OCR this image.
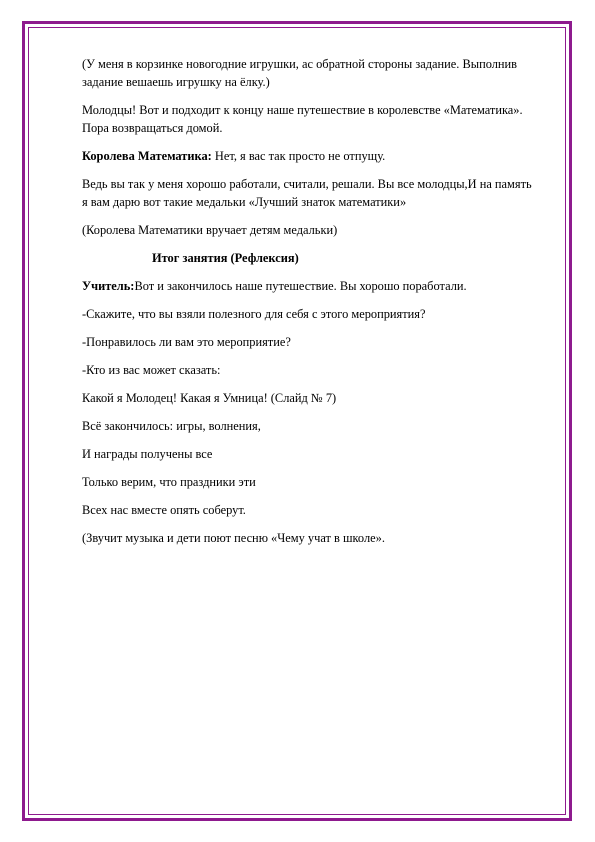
(У меня в корзинке новогодние игрушки, ас обратной стороны задание. Выполнив задание вешаешь игрушку на ёлку.)

Молодцы! Вот и подходит к концу наше путешествие в королевстве «Математика». Пора возвращаться домой.

Королева Математика: Нет, я вас так просто не отпущу.

Ведь вы так у меня хорошо работали, считали, решали. Вы все молодцы,И на память я вам дарю вот такие медальки «Лучший знаток математики»

(Королева Математики вручает детям медальки)

Итог занятия (Рефлексия)

Учитель:Вот и закончилось наше путешествие. Вы хорошо поработали.

-Скажите, что вы взяли полезного для себя с этого мероприятия?

-Понравилось ли вам это мероприятие?

-Кто из вас может сказать:

Какой я Молодец! Какая я Умница! (Слайд № 7)

Всё закончилось: игры, волнения,

И награды получены все

Только верим, что праздники эти

Всех нас вместе опять соберут.

(Звучит музыка и дети поют песню «Чему учат в школе».
